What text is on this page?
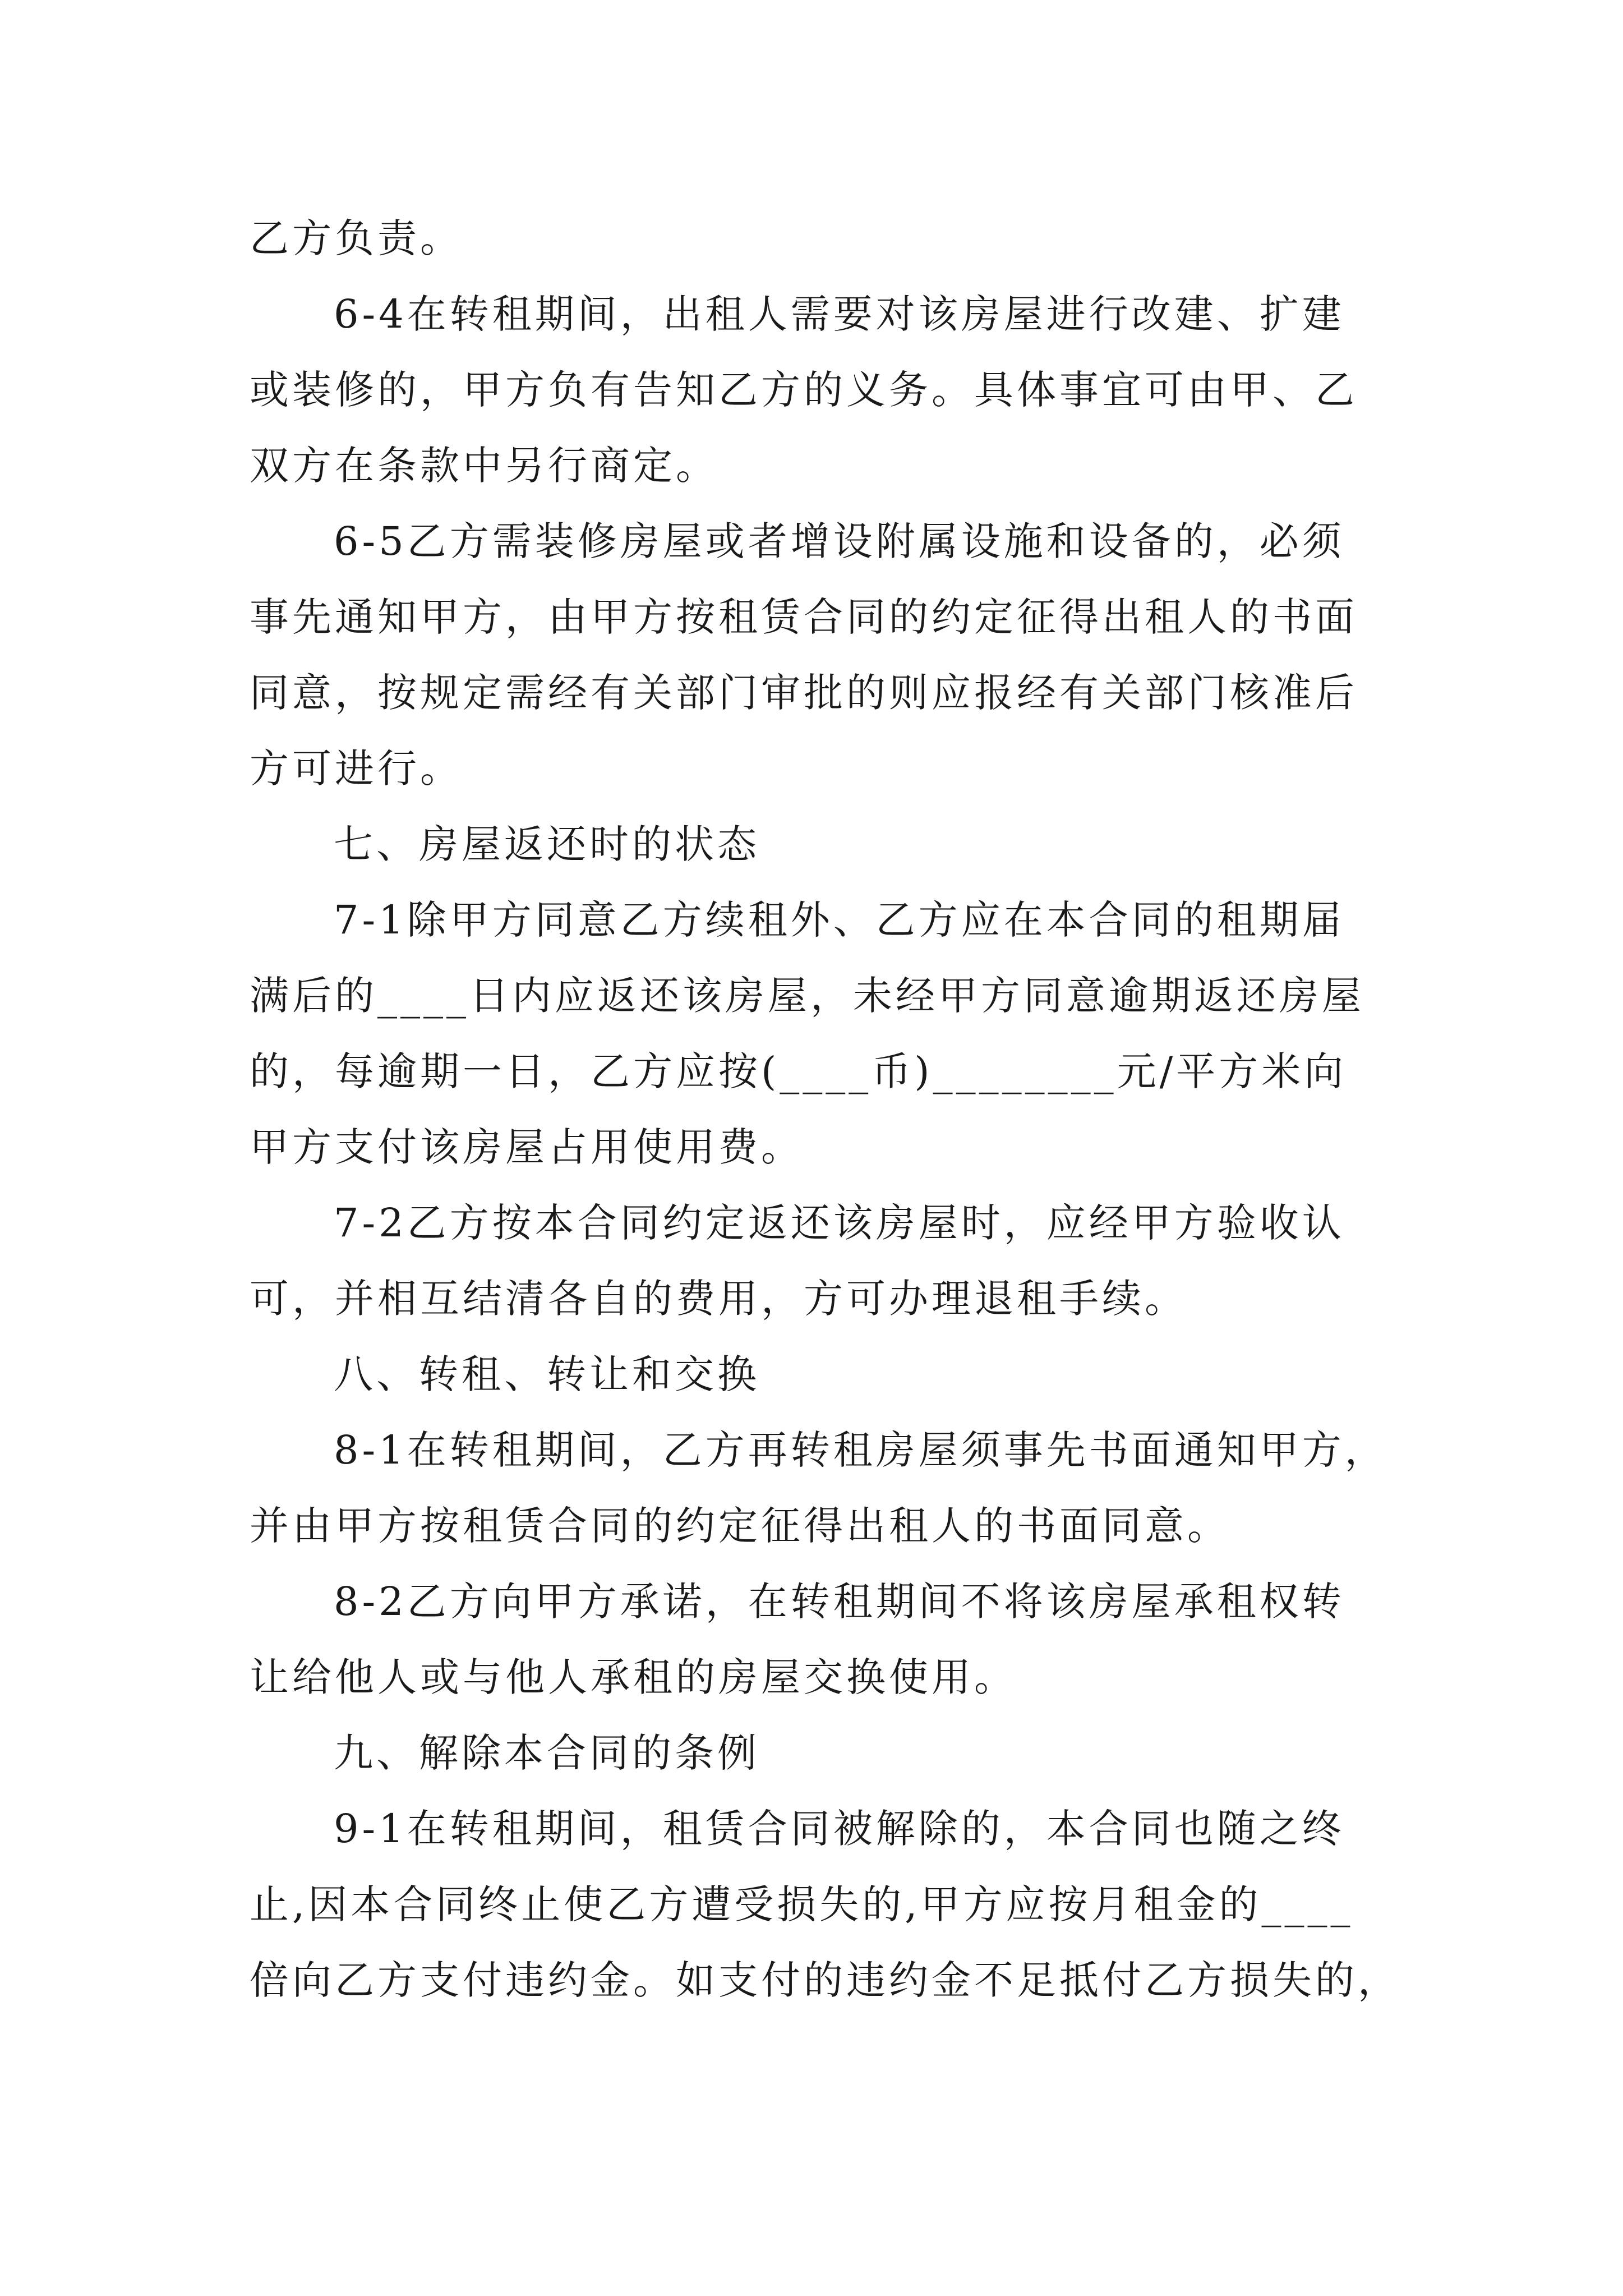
乙方负责。

6-4在转租期间，出租人需要对该房屋进行改建、扩建

或装修的，甲方负有告知乙方的义务。具体事宜可由甲、乙

双方在条款中另行商定。

6-5乙方需装修房屋或者增设附属设施和设备的，必须

事先通知甲方，由甲方按租赁合同的约定征得出租人的书面

同意，按规定需经有关部门审批的则应报经有关部门核准后

方可进行。

七、房屋返还时的状态

7-1除甲方同意乙方续租外、乙方应在本合同的租期届

满后的____日内应返还该房屋，未经甲方同意逾期返还房屋

的，每逾期一日，乙方应按(____币)________元/平方米向

甲方支付该房屋占用使用费。

7-2乙方按本合同约定返还该房屋时，应经甲方验收认

可，并相互结清各自的费用，方可办理退租手续。

八、转租、转让和交换

8-1在转租期间，乙方再转租房屋须事先书面通知甲方，

并由甲方按租赁合同的约定征得出租人的书面同意。

8-2乙方向甲方承诺，在转租期间不将该房屋承租权转

让给他人或与他人承租的房屋交换使用。

九、解除本合同的条例

9-1在转租期间，租赁合同被解除的，本合同也随之终

止,因本合同终止使乙方遭受损失的,甲方应按月租金的____

倍向乙方支付违约金。如支付的违约金不足抵付乙方损失的，
